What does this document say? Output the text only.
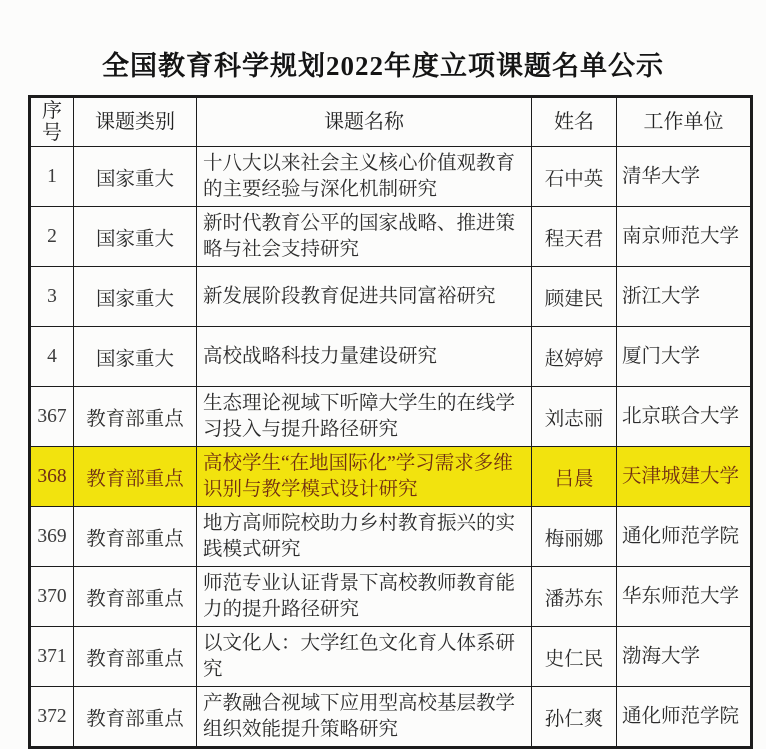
全国教育科学规划2022年度立项课题名单公示
序号	课题类别	课题名称	姓名	工作单位
1	国家重大	十八大以来社会主义核心价值观教育的主要经验与深化机制研究	石中英	清华大学
2	国家重大	新时代教育公平的国家战略、推进策略与社会支持研究	程天君	南京师范大学
3	国家重大	新发展阶段教育促进共同富裕研究	顾建民	浙江大学
4	国家重大	高校战略科技力量建设研究	赵婷婷	厦门大学
367	教育部重点	生态理论视域下听障大学生的在线学习投入与提升路径研究	刘志丽	北京联合大学
368	教育部重点	高校学生“在地国际化”学习需求多维识别与教学模式设计研究	吕晨	天津城建大学
369	教育部重点	地方高师院校助力乡村教育振兴的实践模式研究	梅丽娜	通化师范学院
370	教育部重点	师范专业认证背景下高校教师教育能力的提升路径研究	潘苏东	华东师范大学
371	教育部重点	以文化人：大学红色文化育人体系研究	史仁民	渤海大学
372	教育部重点	产教融合视域下应用型高校基层教学组织效能提升策略研究	孙仁爽	通化师范学院
